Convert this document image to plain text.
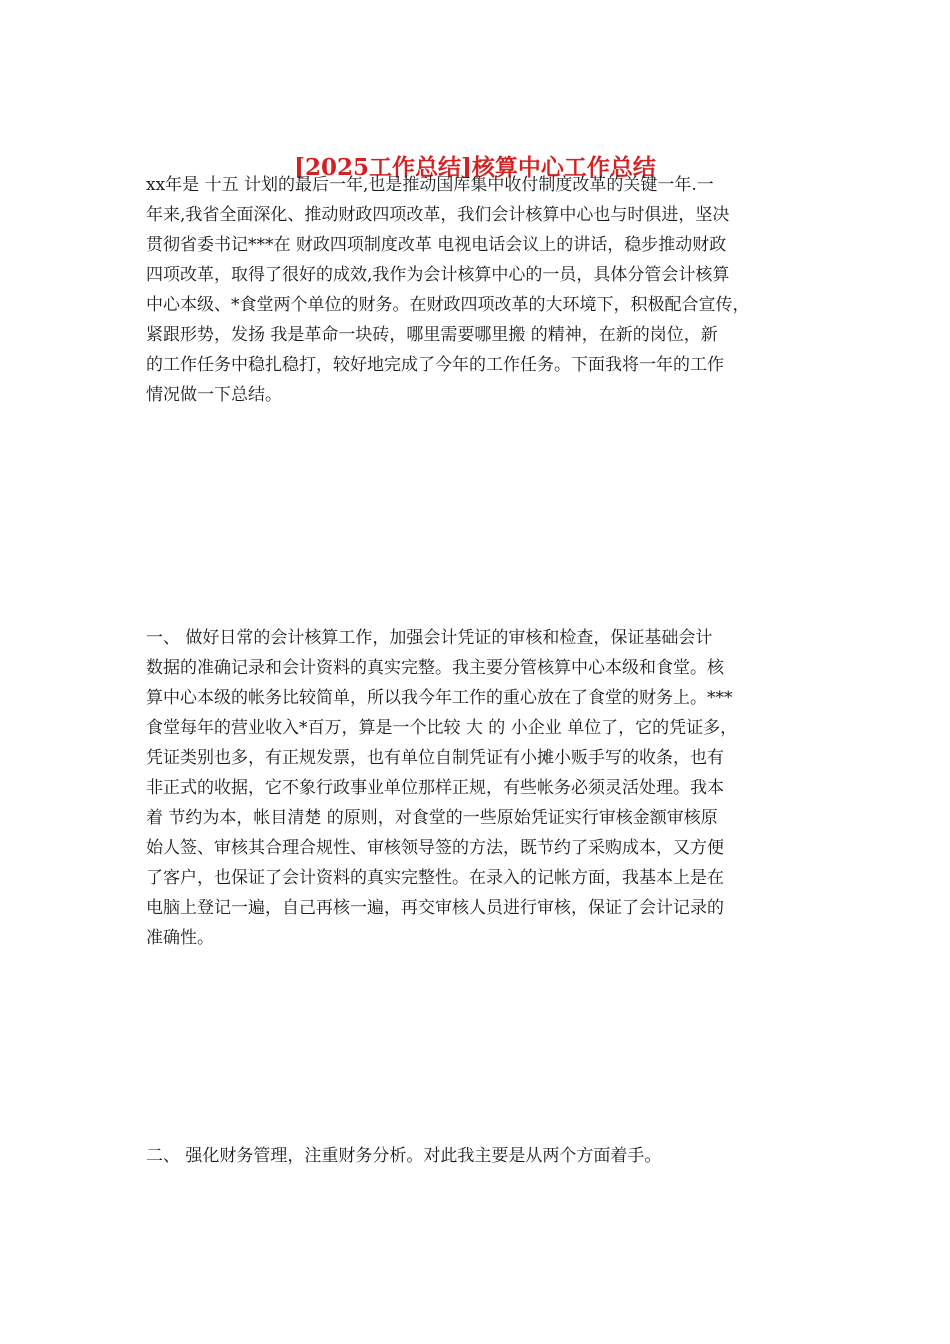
[2025工作总结]核算中心工作总结

xx年是 十五 计划的最后一年,也是推动国库集中收付制度改革的关键一年.一

年来,我省全面深化、推动财政四项改革，我们会计核算中心也与时俱进，坚决

贯彻省委书记***在 财政四项制度改革 电视电话会议上的讲话，稳步推动财政

四项改革，取得了很好的成效,我作为会计核算中心的一员，具体分管会计核算

中心本级、*食堂两个单位的财务。在财政四项改革的大环境下，积极配合宣传，

紧跟形势，发扬 我是革命一块砖，哪里需要哪里搬 的精神，在新的岗位，新

的工作任务中稳扎稳打，较好地完成了今年的工作任务。下面我将一年的工作

情况做一下总结。

一、 做好日常的会计核算工作，加强会计凭证的审核和检查，保证基础会计

数据的准确记录和会计资料的真实完整。我主要分管核算中心本级和食堂。核

算中心本级的帐务比较简单，所以我今年工作的重心放在了食堂的财务上。***

食堂每年的营业收入*百万，算是一个比较 大 的 小企业 单位了，它的凭证多，

凭证类别也多，有正规发票，也有单位自制凭证有小摊小贩手写的收条，也有

非正式的收据，它不象行政事业单位那样正规，有些帐务必须灵活处理。我本

着 节约为本，帐目清楚 的原则，对食堂的一些原始凭证实行审核金额审核原

始人签、审核其合理合规性、审核领导签的方法，既节约了采购成本，又方便

了客户，也保证了会计资料的真实完整性。在录入的记帐方面，我基本上是在

电脑上登记一遍，自己再核一遍，再交审核人员进行审核，保证了会计记录的

准确性。

二、 强化财务管理，注重财务分析。对此我主要是从两个方面着手。
